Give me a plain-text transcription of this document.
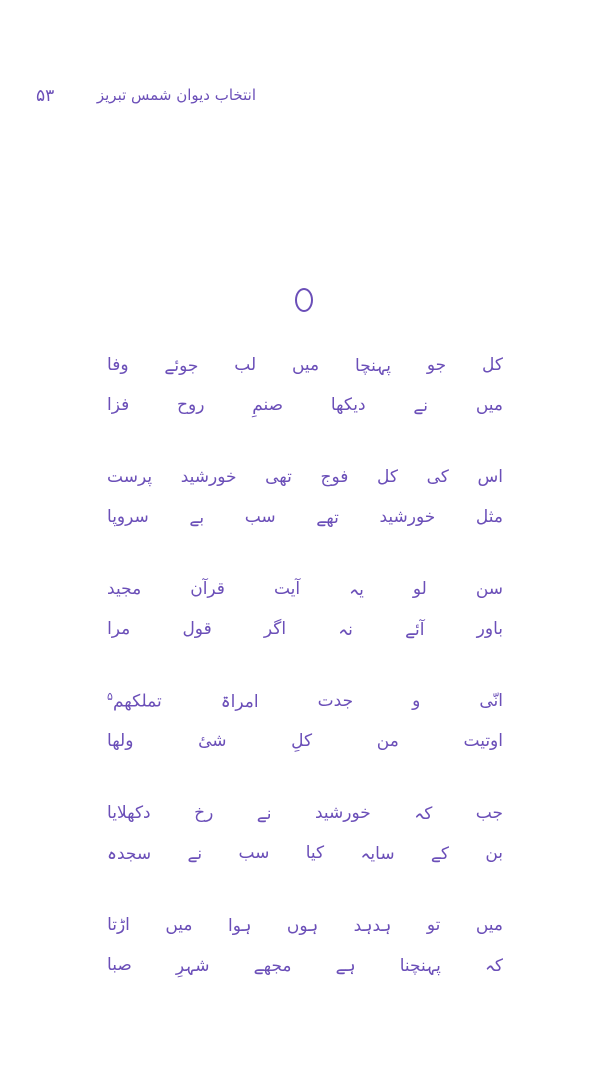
۵۳	انتخاب دیوان شمس تبریز
کل
جو
پہنچا
میں
لب
جوئے
وفا
میں
نے
دیکھا
صنمِ
روح
فزا
اس
کی
کل
فوج
تھی
خورشید
پرست
مثل
خورشید
تھے
سب
بے
سروپا
سن
لو
یہ
آیت
قرآن
مجید
باور
آئے
نہ
اگر
قول
مرا
انّی
و
جدت
امراۃ
تملکھم$^۵$
اوتیت
من
کلِ
شیٔ
ولھا
جب
کہ
خورشید
نے
رخ
دکھلایا
بن
کے
سایہ
کیا
سب
نے
سجدہ
میں
تو
ہدہد
ہوں
ہوا
میں
اڑتا
کہ
پہنچنا
ہے
مجھے
شہرِ
صبا
